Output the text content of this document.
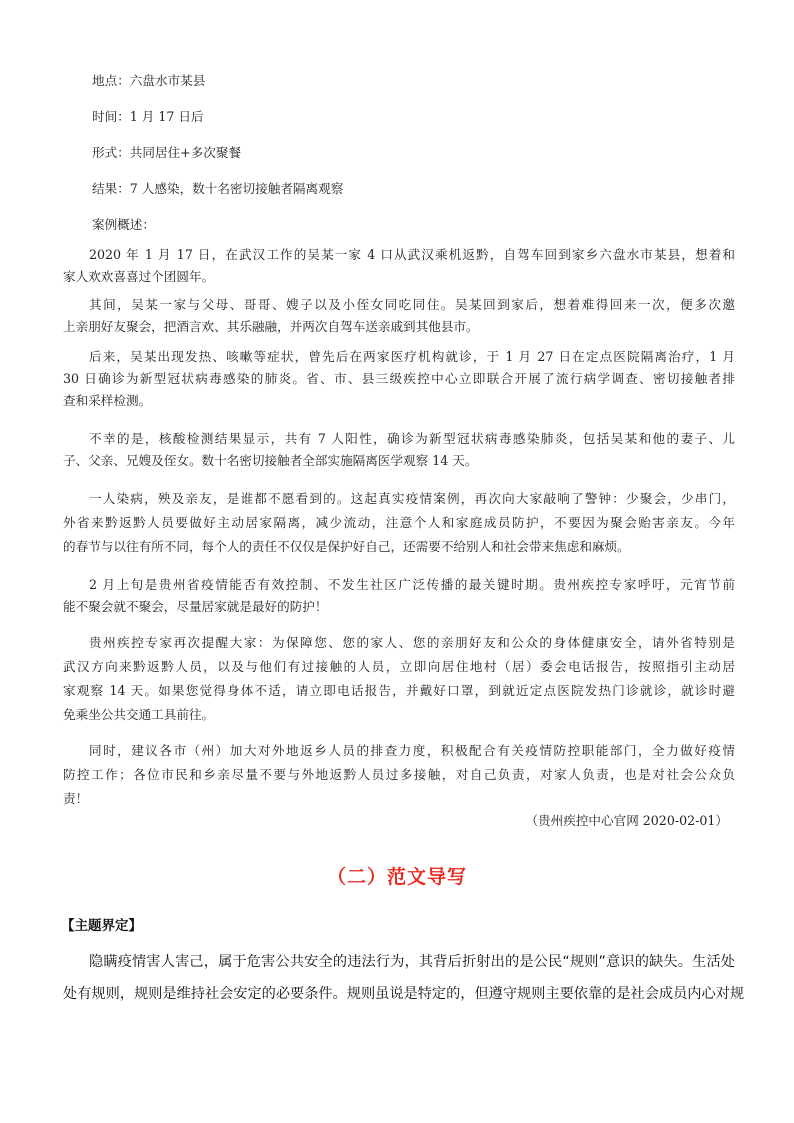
地点：六盘水市某县

时间：1 月 17 日后

形式：共同居住+多次聚餐

结果：7 人感染，数十名密切接触者隔离观察

案例概述：

2020 年 1 月 17 日，在武汉工作的吴某一家 4 口从武汉乘机返黔，自驾车回到家乡六盘水市某县，想着和

家人欢欢喜喜过个团圆年。

其间，吴某一家与父母、哥哥、嫂子以及小侄女同吃同住。吴某回到家后，想着难得回来一次，便多次邀

上亲朋好友聚会，把酒言欢、其乐融融，并两次自驾车送亲戚到其他县市。

后来，吴某出现发热、咳嗽等症状，曾先后在两家医疗机构就诊，于 1 月 27 日在定点医院隔离治疗，1 月

30 日确诊为新型冠状病毒感染的肺炎。省、市、县三级疾控中心立即联合开展了流行病学调查、密切接触者排

查和采样检测。

不幸的是，核酸检测结果显示，共有 7 人阳性，确诊为新型冠状病毒感染肺炎，包括吴某和他的妻子、儿

子、父亲、兄嫂及侄女。数十名密切接触者全部实施隔离医学观察 14 天。

一人染病，殃及亲友，是谁都不愿看到的。这起真实疫情案例，再次向大家敲响了警钟：少聚会，少串门，

外省来黔返黔人员要做好主动居家隔离，减少流动，注意个人和家庭成员防护，不要因为聚会贻害亲友。今年

的春节与以往有所不同，每个人的责任不仅仅是保护好自己，还需要不给别人和社会带来焦虑和麻烦。

2 月上旬是贵州省疫情能否有效控制、不发生社区广泛传播的最关键时期。贵州疾控专家呼吁，元宵节前

能不聚会就不聚会，尽量居家就是最好的防护！

贵州疾控专家再次提醒大家：为保障您、您的家人、您的亲朋好友和公众的身体健康安全，请外省特别是

武汉方向来黔返黔人员，以及与他们有过接触的人员，立即向居住地村（居）委会电话报告，按照指引主动居

家观察 14 天。如果您觉得身体不适，请立即电话报告，并戴好口罩，到就近定点医院发热门诊就诊，就诊时避

免乘坐公共交通工具前往。

同时，建议各市（州）加大对外地返乡人员的排查力度，积极配合有关疫情防控职能部门，全力做好疫情

防控工作；各位市民和乡亲尽量不要与外地返黔人员过多接触，对自己负责，对家人负责，也是对社会公众负

责！

（贵州疾控中心官网 2020-02-01）

（二）范文导写

【主题界定】

隐瞒疫情害人害己，属于危害公共安全的违法行为，其背后折射出的是公民“规则”意识的缺失。生活处

处有规则，规则是维持社会安定的必要条件。规则虽说是特定的，但遵守规则主要依靠的是社会成员内心对规
